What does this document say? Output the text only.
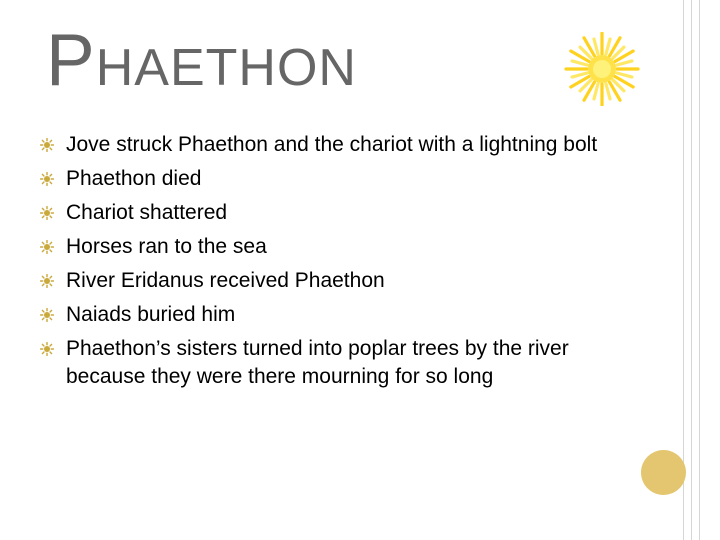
PHAETHON
Jove struck Phaethon and the chariot with a lightning bolt
Phaethon died
Chariot shattered
Horses ran to the sea
River Eridanus received Phaethon
Naiads buried him
Phaethon’s sisters turned into poplar trees by the river because they were there mourning for so long
